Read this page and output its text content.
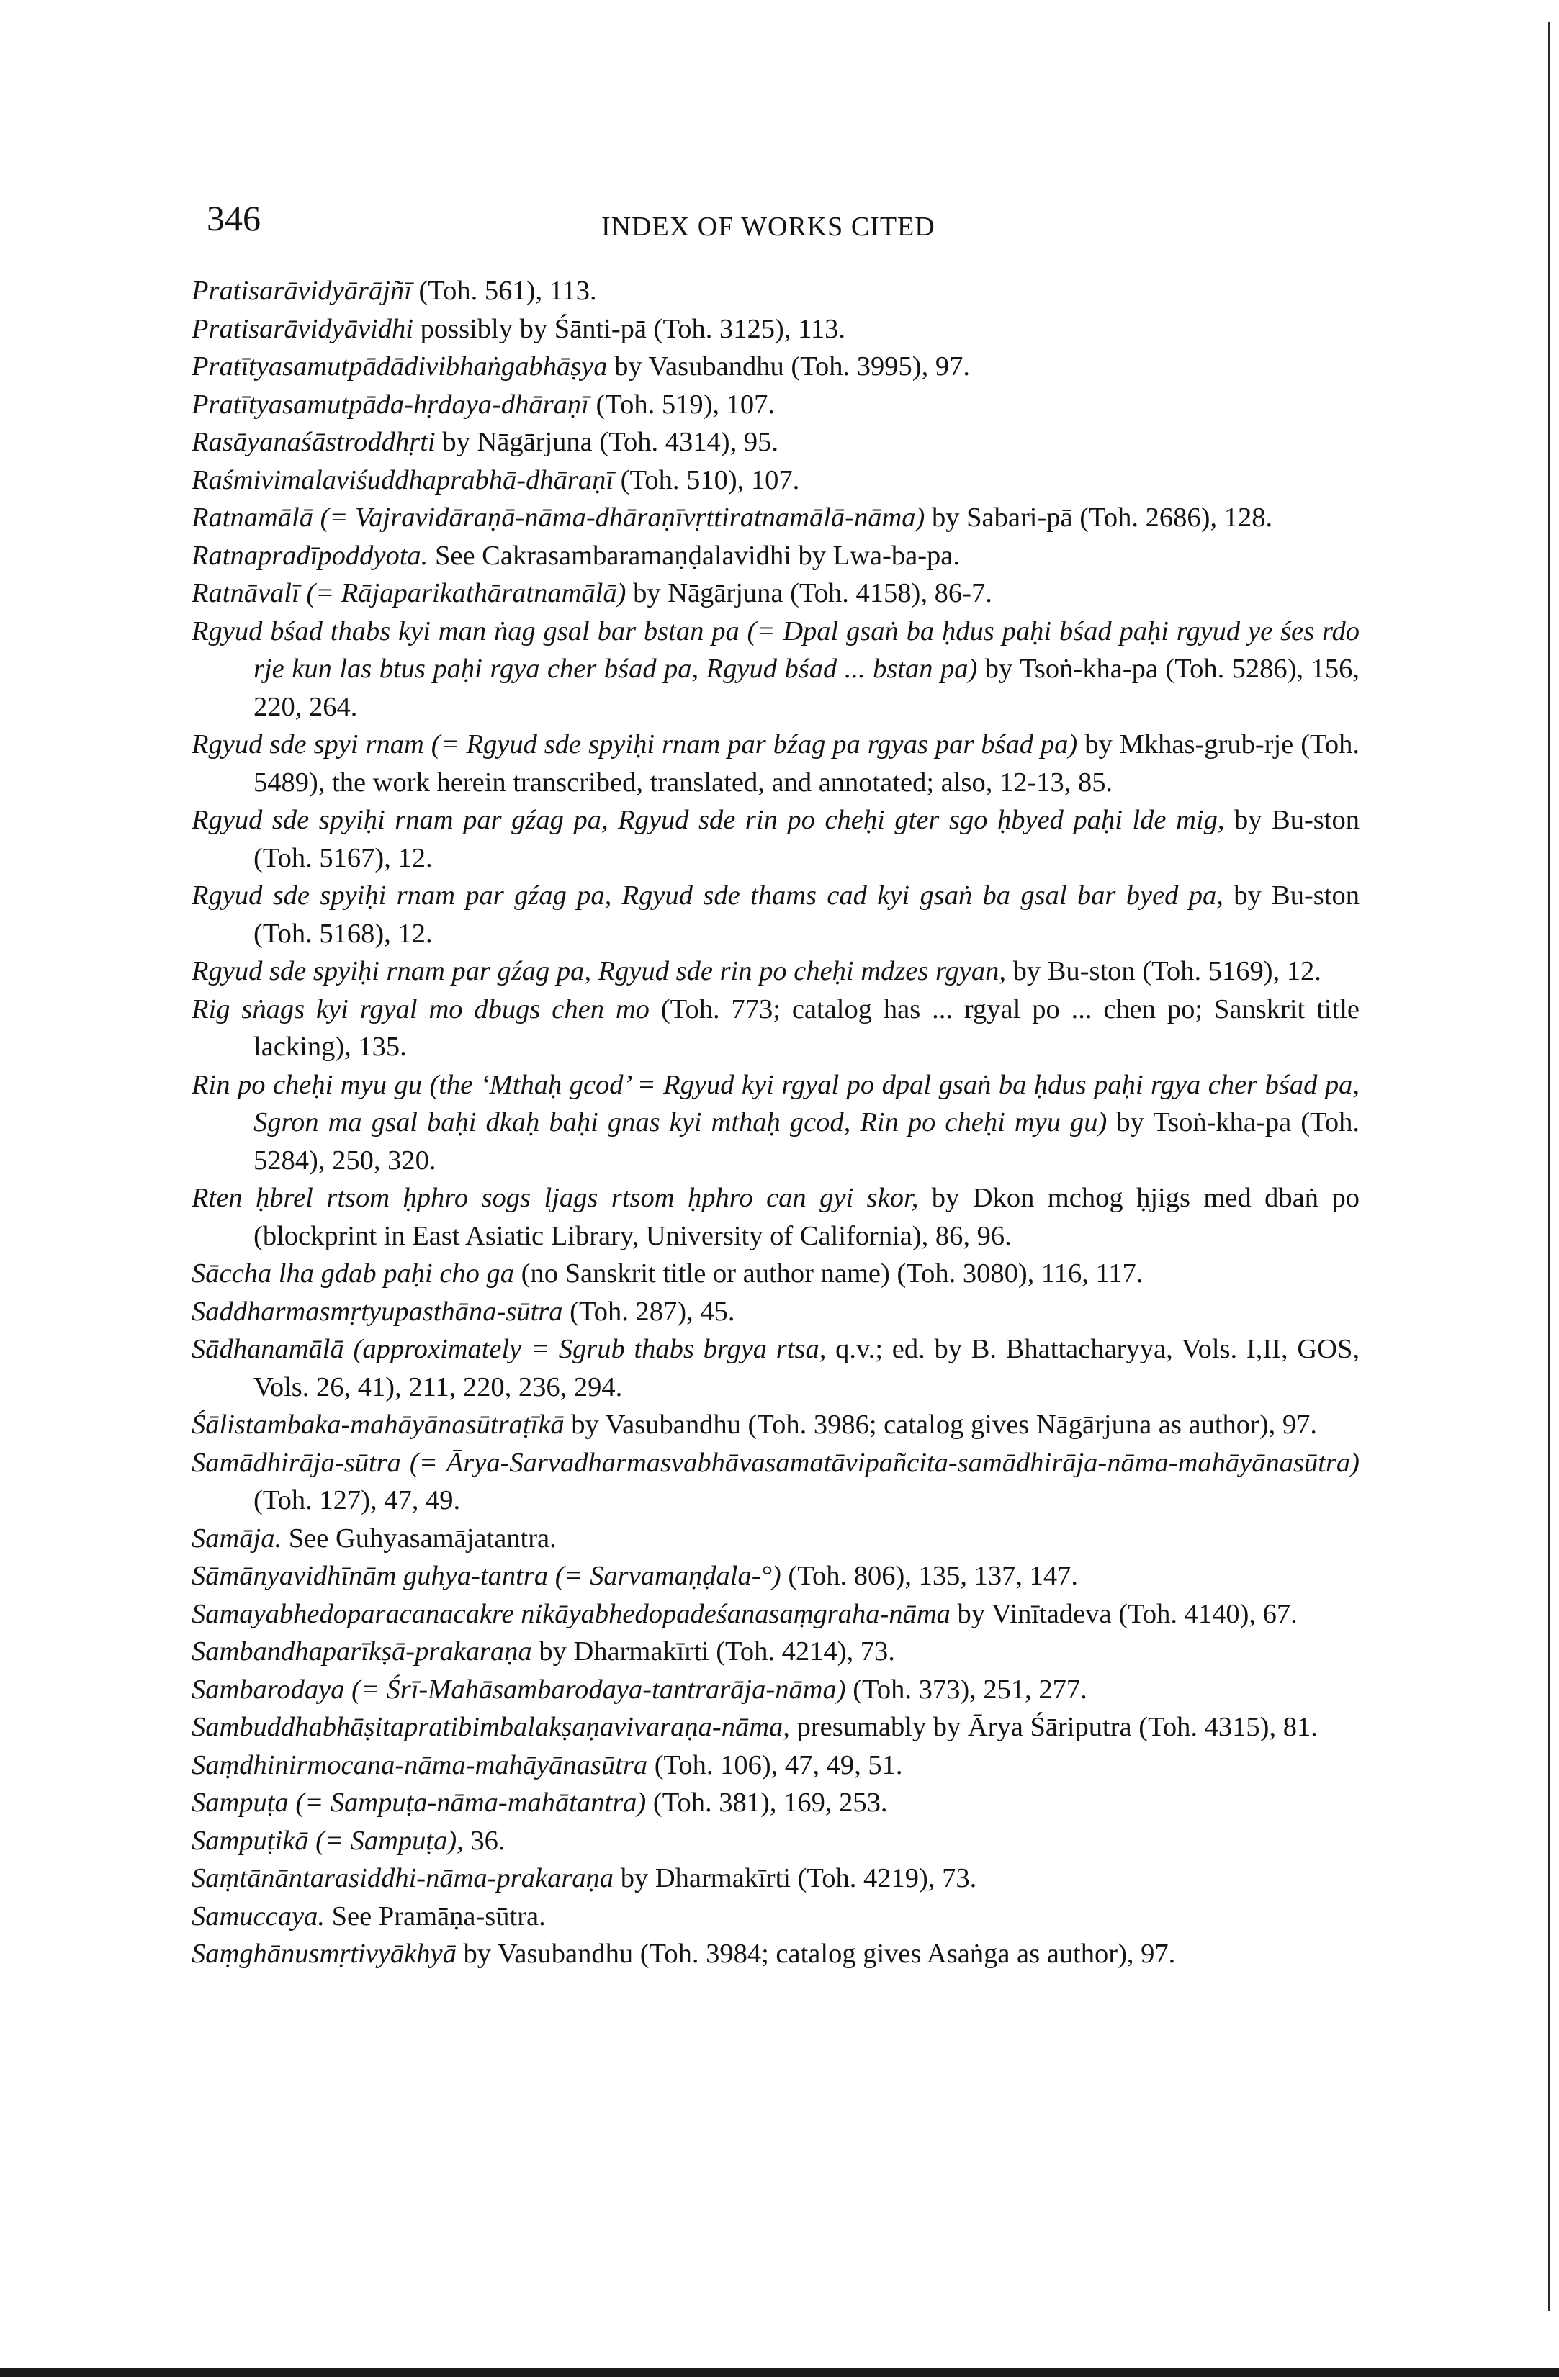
346	INDEX OF WORKS CITED

Pratisarāvidyārājñī (Toh. 561), 113.

Pratisarāvidyāvidhi possibly by Śānti-pā (Toh. 3125), 113.

Pratītyasamutpādādivibhaṅgabhāṣya by Vasubandhu (Toh. 3995), 97.

Pratītyasamutpāda-hṛdaya-dhāraṇī (Toh. 519), 107.

Rasāyanaśāstroddhṛti by Nāgārjuna (Toh. 4314), 95.

Raśmivimalaviśuddhaprabhā-dhāraṇī (Toh. 510), 107.

Ratnamālā (= Vajravidāraṇā-nāma-dhāraṇīvṛttiratnamālā-nāma) by Sabari-pā (Toh. 2686), 128.

Ratnapradīpoddyota. See Cakrasambaramaṇḍalavidhi by Lwa-ba-pa.

Ratnāvalī (= Rājaparikathāratnamālā) by Nāgārjuna (Toh. 4158), 86-7.

Rgyud bśad thabs kyi man ṅag gsal bar bstan pa (= Dpal gsaṅ ba ḥdus paḥi bśad paḥi rgyud ye śes rdo rje kun las btus paḥi rgya cher bśad pa, Rgyud bśad ... bstan pa) by Tsoṅ-kha-pa (Toh. 5286), 156, 220, 264.

Rgyud sde spyi rnam (= Rgyud sde spyiḥi rnam par bźag pa rgyas par bśad pa) by Mkhas-grub-rje (Toh. 5489), the work herein transcribed, translated, and annotated; also, 12-13, 85.

Rgyud sde spyiḥi rnam par gźag pa, Rgyud sde rin po cheḥi gter sgo ḥbyed paḥi lde mig, by Bu-ston (Toh. 5167), 12.

Rgyud sde spyiḥi rnam par gźag pa, Rgyud sde thams cad kyi gsaṅ ba gsal bar byed pa, by Bu-ston (Toh. 5168), 12.

Rgyud sde spyiḥi rnam par gźag pa, Rgyud sde rin po cheḥi mdzes rgyan, by Bu-ston (Toh. 5169), 12.

Rig sṅags kyi rgyal mo dbugs chen mo (Toh. 773; catalog has ... rgyal po ... chen po; Sanskrit title lacking), 135.

Rin po cheḥi myu gu (the ‘Mthaḥ gcod’ = Rgyud kyi rgyal po dpal gsaṅ ba ḥdus paḥi rgya cher bśad pa, Sgron ma gsal baḥi dkaḥ baḥi gnas kyi mthaḥ gcod, Rin po cheḥi myu gu) by Tsoṅ-kha-pa (Toh. 5284), 250, 320.

Rten ḥbrel rtsom ḥphro sogs ljags rtsom ḥphro can gyi skor, by Dkon mchog ḥjigs med dbaṅ po (blockprint in East Asiatic Library, University of California), 86, 96.

Sāccha lha gdab paḥi cho ga (no Sanskrit title or author name) (Toh. 3080), 116, 117.

Saddharmasmṛtyupasthāna-sūtra (Toh. 287), 45.

Sādhanamālā (approximately = Sgrub thabs brgya rtsa, q.v.; ed. by B. Bhattacharyya, Vols. I,II, GOS, Vols. 26, 41), 211, 220, 236, 294.

Śālistambaka-mahāyānasūtraṭīkā by Vasubandhu (Toh. 3986; catalog gives Nāgārjuna as author), 97.

Samādhirāja-sūtra (= Ārya-Sarvadharmasvabhāvasamatāvipañcita-samādhirāja-nāma-mahāyānasūtra) (Toh. 127), 47, 49.

Samāja. See Guhyasamājatantra.

Sāmānyavidhīnām guhya-tantra (= Sarvamaṇḍala-°) (Toh. 806), 135, 137, 147.

Samayabhedoparacanacakre nikāyabhedopadeśanasaṃgraha-nāma by Vinītadeva (Toh. 4140), 67.

Sambandhaparīkṣā-prakaraṇa by Dharmakīrti (Toh. 4214), 73.

Sambarodaya (= Śrī-Mahāsambarodaya-tantrarāja-nāma) (Toh. 373), 251, 277.

Sambuddhabhāṣitapratibimbalakṣaṇavivaraṇa-nāma, presumably by Ārya Śāriputra (Toh. 4315), 81.

Saṃdhinirmocana-nāma-mahāyānasūtra (Toh. 106), 47, 49, 51.

Sampuṭa (= Sampuṭa-nāma-mahātantra) (Toh. 381), 169, 253.

Sampuṭikā (= Sampuṭa), 36.

Saṃtānāntarasiddhi-nāma-prakaraṇa by Dharmakīrti (Toh. 4219), 73.

Samuccaya. See Pramāṇa-sūtra.

Saṃghānusmṛtivyākhyā by Vasubandhu (Toh. 3984; catalog gives Asaṅga as author), 97.
